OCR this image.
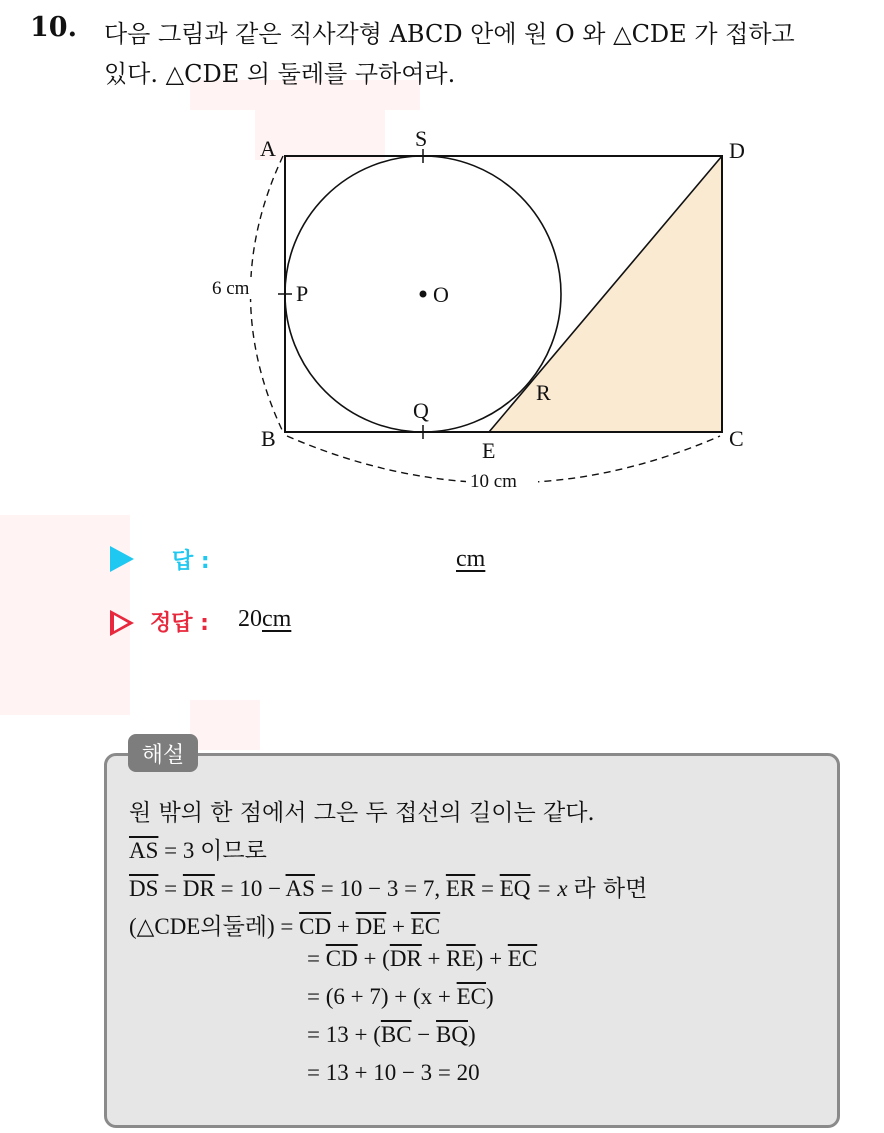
10. 다음 그림과 같은 직사각형 ABCD 안에 원 O 와 △CDE 가 접하고
있다. △CDE 의 둘레를 구하여라.
A	D
B	C
E
S
P
Q
R
O
6 cm
10 cm
답 :	cm
정답 : 20cm
원 밖의 한 점에서 그은 두 접선의 길이는 같다.
$\overline{AS} = 3$ 이므로
$\overline{DS} = \overline{DR} = 10 - \overline{AS} = 10 - 3 = 7$, $\overline{ER} = \overline{EQ} = x$ 라 하면
(△CDE의둘레) = $\overline{CD} + \overline{DE} + \overline{EC}$
= $\overline{CD} + (\overline{DR} + \overline{RE}) + \overline{EC}$
= $(6 + 7) + (x + \overline{EC})$
= $13 + (\overline{BC} - \overline{BQ})$
= 13 + 10 − 3 = 20
해설
